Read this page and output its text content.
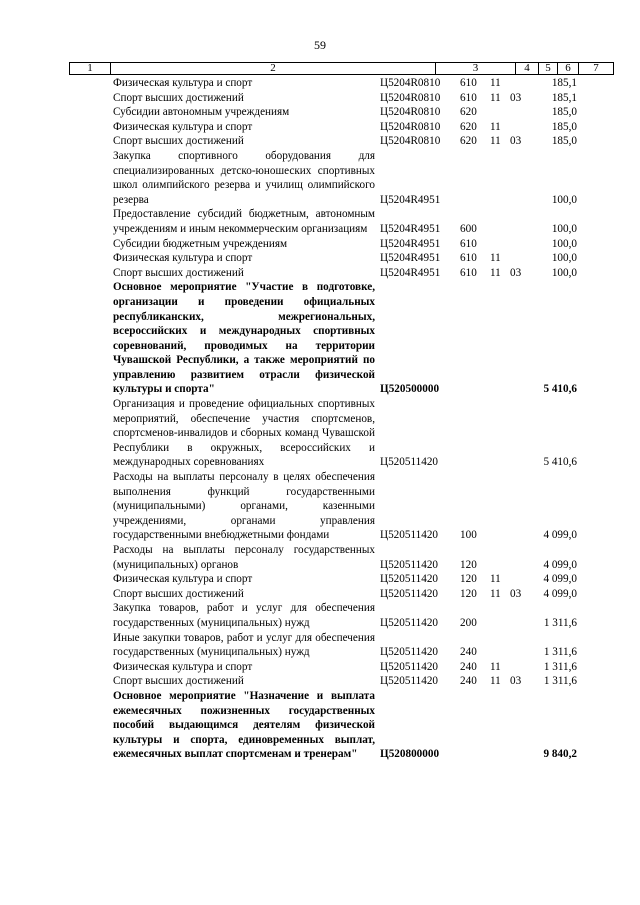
59
1	2	3	4	5	6	7
Физическая культура и спорт	Ц5204R0810	610	11	185,1
Спорт высших достижений	Ц5204R0810	610	11 03	185,1
Субсидии автономным учреждениям	Ц5204R0810	620	185,0
Физическая культура и спорт	Ц5204R0810	620	11	185,0
Спорт высших достижений	Ц5204R0810	620	11 03	185,0
Закупка спортивного оборудования для специализированных детско-юношеских спортивных школ олимпийского резерва и училищ олимпийского резерва	Ц5204R4951	100,0
Предоставление субсидий бюджетным, автономным учреждениям и иным некоммерческим организациям	Ц5204R4951	600	100,0
Субсидии бюджетным учреждениям	Ц5204R4951	610	100,0
Физическая культура и спорт	Ц5204R4951	610	11	100,0
Спорт высших достижений	Ц5204R4951	610	11 03	100,0
Основное мероприятие "Участие в подготовке, организации и проведении официальных республиканских, межрегиональных, всероссийских и международных спортивных соревнований, проводимых на территории Чувашской Республики, а также мероприятий по управлению развитием отрасли физической культуры и спорта"	Ц520500000	5 410,6
Организация и проведение официальных спортивных мероприятий, обеспечение участия спортсменов, спортсменов-инвалидов и сборных команд Чувашской Республики в окружных, всероссийских и международных соревнованиях	Ц520511420	5 410,6
Расходы на выплаты персоналу в целях обеспечения выполнения функций государственными (муниципальными) органами, казенными учреждениями, органами управления государственными внебюджетными фондами	Ц520511420	100	4 099,0
Расходы на выплаты персоналу государственных (муниципальных) органов	Ц520511420	120	4 099,0
Физическая культура и спорт	Ц520511420	120	11	4 099,0
Спорт высших достижений	Ц520511420	120	11 03	4 099,0
Закупка товаров, работ и услуг для обеспечения государственных (муниципальных) нужд	Ц520511420	200	1 311,6
Иные закупки товаров, работ и услуг для обеспечения государственных (муниципальных) нужд	Ц520511420	240	1 311,6
Физическая культура и спорт	Ц520511420	240	11	1 311,6
Спорт высших достижений	Ц520511420	240	11 03	1 311,6
Основное мероприятие "Назначение и выплата ежемесячных пожизненных государственных пособий выдающимся деятелям физической культуры и спорта, единовременных выплат, ежемесячных выплат спортсменам и тренерам"	Ц520800000	9 840,2
